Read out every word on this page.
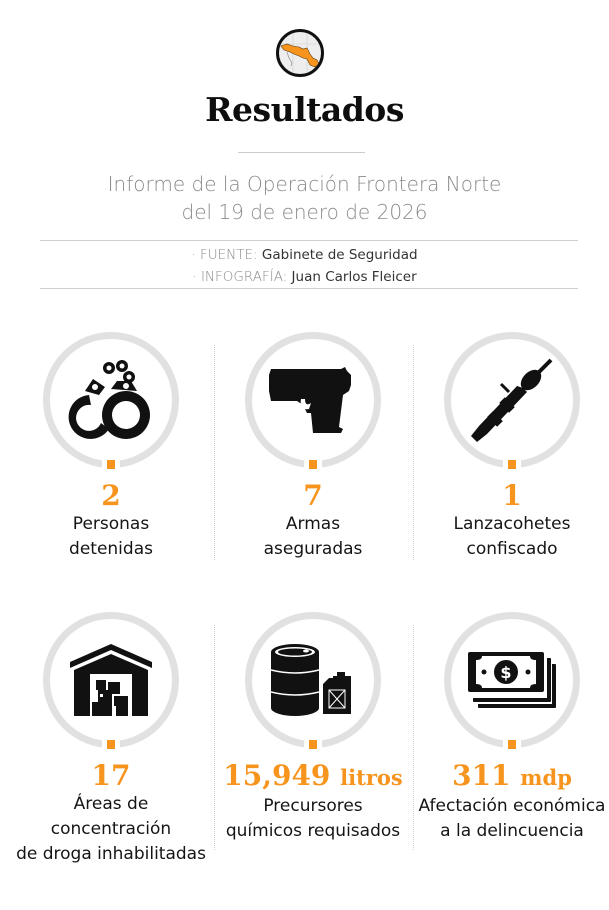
Resultados
Informe de la Operación Frontera Norte
del 19 de enero de 2026
· FUENTE: Gabinete de Seguridad
· INFOGRAFÍA: Juan Carlos Fleicer
2
Personas
detenidas
7
Armas
aseguradas
1
Lanzacohetes
confiscado
17
Áreas de concentración
de droga inhabilitadas
15,949 litros
Precursores
químicos requisados
$
311 mdp
Afectación económica
a la delincuencia
